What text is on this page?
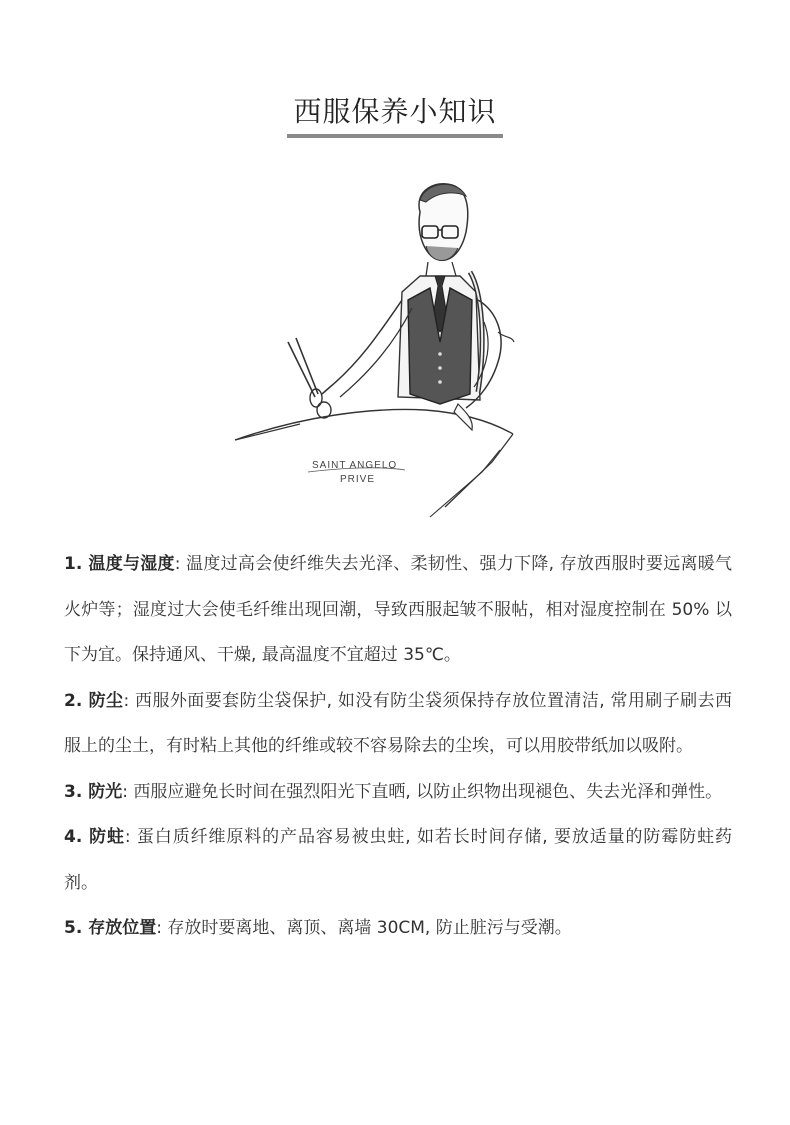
西服保养小知识
SAINT ANGELO
PRIVE

1. 温度与湿度: 温度过高会使纤维失去光泽、柔韧性、强力下降, 存放西服时要远离暖气火炉等；湿度过大会使毛纤维出现回潮，导致西服起皱不服帖，相对湿度控制在 50% 以下为宜。保持通风、干燥, 最高温度不宜超过 35℃。

2. 防尘: 西服外面要套防尘袋保护, 如没有防尘袋须保持存放位置清洁, 常用刷子刷去西服上的尘土，有时粘上其他的纤维或较不容易除去的尘埃，可以用胶带纸加以吸附。

3. 防光: 西服应避免长时间在强烈阳光下直晒, 以防止织物出现褪色、失去光泽和弹性。

4. 防蛀: 蛋白质纤维原料的产品容易被虫蛀, 如若长时间存储, 要放适量的防霉防蛀药剂。

5. 存放位置: 存放时要离地、离顶、离墙 30CM, 防止脏污与受潮。
